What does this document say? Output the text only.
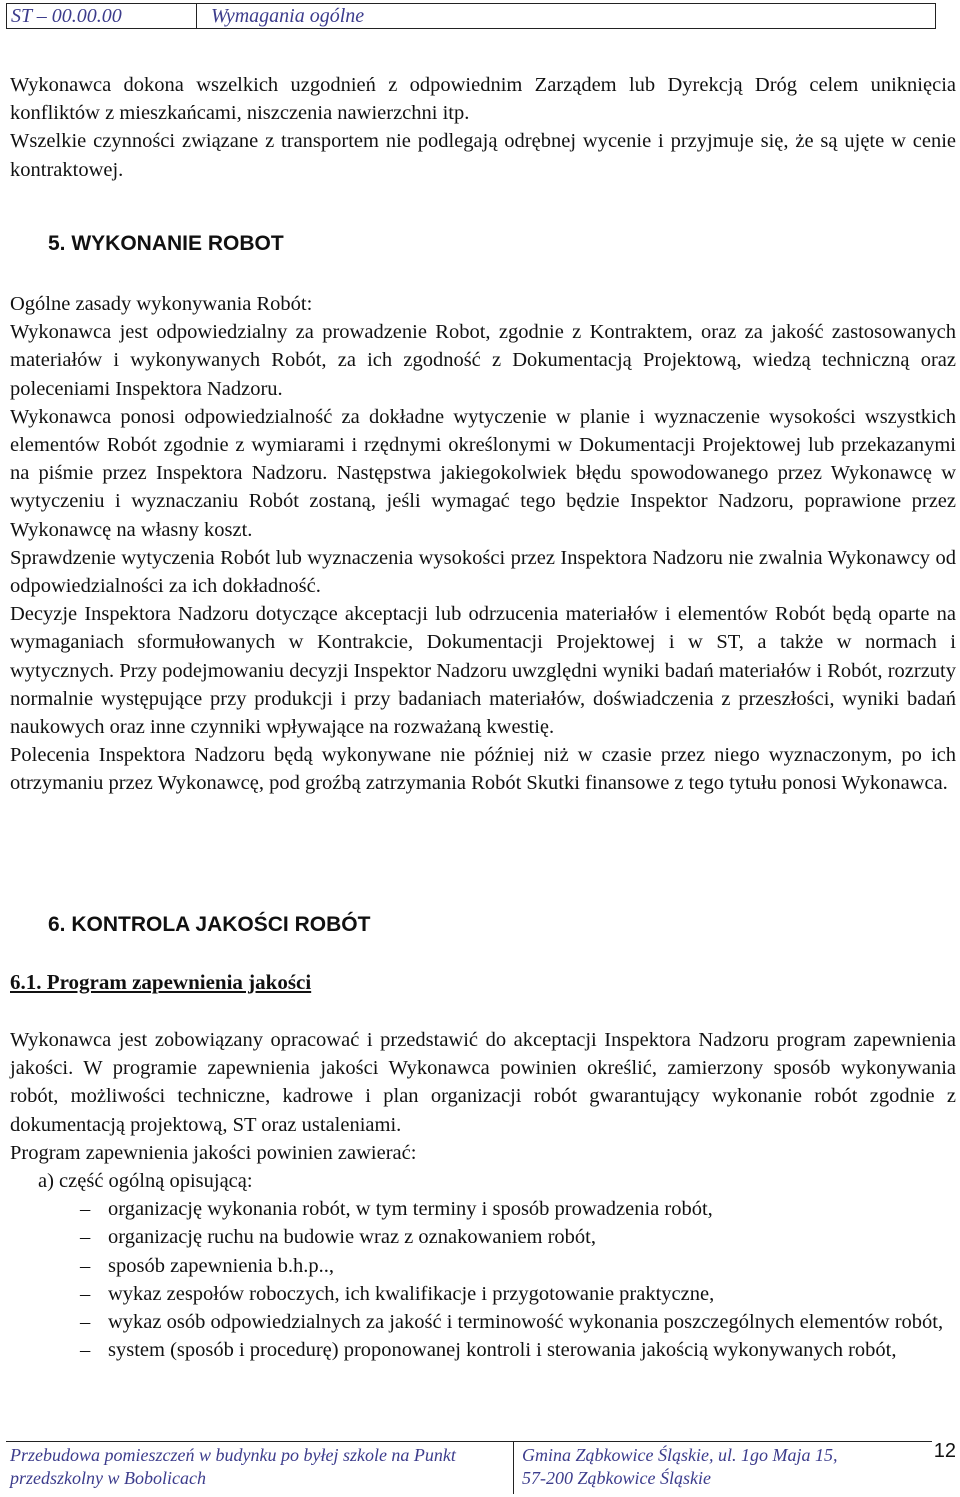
ST – 00.00.00	Wymagania ogólne

Wykonawca dokona wszelkich uzgodnień z odpowiednim Zarządem lub Dyrekcją Dróg celem uniknięcia konfliktów z mieszkańcami, niszczenia nawierzchni itp.

Wszelkie czynności związane z transportem nie podlegają odrębnej wycenie i przyjmuje się, że są ujęte w cenie kontraktowej.

5. WYKONANIE ROBOT

Ogólne zasady wykonywania Robót:

Wykonawca jest odpowiedzialny za prowadzenie Robot, zgodnie z Kontraktem, oraz za jakość zastosowanych materiałów i wykonywanych Robót, za ich zgodność z Dokumentacją Projektową, wiedzą techniczną oraz poleceniami Inspektora Nadzoru.

Wykonawca ponosi odpowiedzialność za dokładne wytyczenie w planie i wyznaczenie wysokości wszystkich elementów Robót zgodnie z wymiarami i rzędnymi określonymi w Dokumentacji Projektowej lub przekazanymi na piśmie przez Inspektora Nadzoru. Następstwa jakiegokolwiek błędu spowodowanego przez Wykonawcę w wytyczeniu i wyznaczaniu Robót zostaną, jeśli wymagać tego będzie Inspektor Nadzoru, poprawione przez Wykonawcę na własny koszt.

Sprawdzenie wytyczenia Robót lub wyznaczenia wysokości przez Inspektora Nadzoru nie zwalnia Wykonawcy od odpowiedzialności za ich dokładność.

Decyzje Inspektora Nadzoru dotyczące akceptacji lub odrzucenia materiałów i elementów Robót będą oparte na wymaganiach sformułowanych w Kontrakcie, Dokumentacji Projektowej i w ST, a także w normach i wytycznych. Przy podejmowaniu decyzji Inspektor Nadzoru uwzględni wyniki badań materiałów i Robót, rozrzuty normalnie występujące przy produkcji i przy badaniach materiałów, doświadczenia z przeszłości, wyniki badań naukowych oraz inne czynniki wpływające na rozważaną kwestię.

Polecenia Inspektora Nadzoru będą wykonywane nie później niż w czasie przez niego wyznaczonym, po ich otrzymaniu przez Wykonawcę, pod groźbą zatrzymania Robót Skutki finansowe z tego tytułu ponosi Wykonawca.

6. KONTROLA JAKOŚCI ROBÓT
6.1. Program zapewnienia jakości

Wykonawca jest zobowiązany opracować i przedstawić do akceptacji Inspektora Nadzoru program zapewnienia jakości. W programie zapewnienia jakości Wykonawca powinien określić, zamierzony sposób wykonywania robót, możliwości techniczne, kadrowe i plan organizacji robót gwarantujący wykonanie robót zgodnie z dokumentacją projektową, ST oraz ustaleniami.

Program zapewnienia jakości powinien zawierać:

a) część ogólną opisującą:
– organizację wykonania robót, w tym terminy i sposób prowadzenia robót,
– organizację ruchu na budowie wraz z oznakowaniem robót,
– sposób zapewnienia b.h.p..,
– wykaz zespołów roboczych, ich kwalifikacje i przygotowanie praktyczne,
– wykaz osób odpowiedzialnych za jakość i terminowość wykonania poszczególnych elementów robót,
– system (sposób i procedurę) proponowanej kontroli i sterowania jakością wykonywanych robót,
Przebudowa pomieszczeń w budynku po byłej szkole na Punkt
przedszkolny w Bobolicach
Gmina Ząbkowice Śląskie, ul. 1go Maja 15,
57-200 Ząbkowice Śląskie
12
